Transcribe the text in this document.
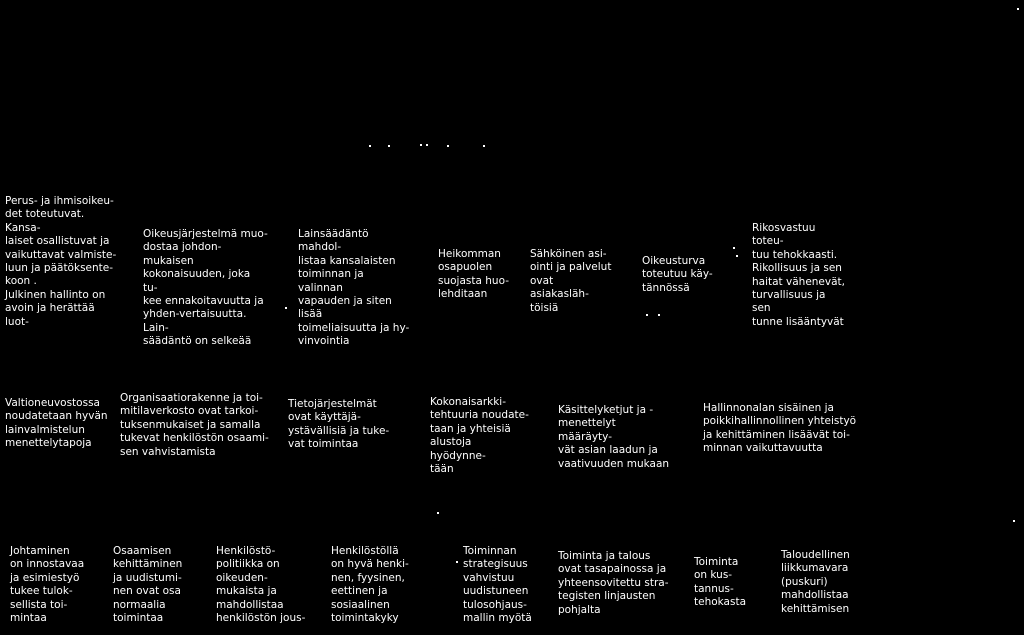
Perus- ja ihmisoikeu-
det toteutuvat. Kansa-
laiset osallistuvat ja
vaikuttavat valmiste-
luun ja päätöksente-
koon .
Julkinen hallinto on
avoin ja herättää luot-
Oikeusjärjestelmä muo-
dostaa johdon-mukaisen
kokonaisuuden, joka tu-
kee ennakoitavuutta ja
yhden-vertaisuutta. Lain-
säädäntö on selkeää
Lainsäädäntö mahdol-
listaa kansalaisten
toiminnan ja valinnan
vapauden ja siten lisää
toimeliaisuutta ja hy-
vinvointia
Heikomman
osapuolen
suojasta huo-
lehditaan
Sähköinen asi-
ointi ja palvelut
ovat asiakasläh-
töisiä
Oikeusturva
toteutuu käy-
tännössä
Rikosvastuu toteu-
tuu tehokkaasti.
Rikollisuus ja sen
haitat vähenevät,
turvallisuus ja sen
tunne lisääntyvät
Valtioneuvostossa
noudatetaan hyvän
lainvalmistelun
menettelytapoja
Organisaatiorakenne ja toi-
mitilaverkosto ovat tarkoi-
tuksenmukaiset ja samalla
tukevat henkilöstön osaami-
sen vahvistamista
Tietojärjestelmät
ovat käyttäjä-
ystävällisiä ja tuke-
vat toimintaa
Kokonaisarkki-
tehtuuria noudate-
taan ja yhteisiä
alustoja hyödynne-
tään
Käsittelyketjut ja -
menettelyt määräyty-
vät asian laadun ja
vaativuuden mukaan
Hallinnonalan sisäinen ja
poikkihallinnollinen yhteistyö
ja kehittäminen lisäävät toi-
minnan vaikuttavuutta
Johtaminen
on innostavaa
ja esimiestyö
tukee tulok-
sellista toi-
mintaa
Osaamisen
kehittäminen
ja uudistumi-
nen ovat osa
normaalia
toimintaa
Henkilöstö-
politiikka on
oikeuden-
mukaista ja
mahdollistaa
henkilöstön jous-
Henkilöstöllä
on hyvä henki-
nen, fyysinen,
eettinen ja
sosiaalinen
toimintakyky
Toiminnan
strategisuus
vahvistuu
uudistuneen
tulosohjaus-
mallin myötä
Toiminta ja talous
ovat tasapainossa ja
yhteensovitettu stra-
tegisten linjausten
pohjalta
Toiminta
on kus-
tannus-
tehokasta
Taloudellinen
liikkumavara
(puskuri)
mahdollistaa
kehittämisen
